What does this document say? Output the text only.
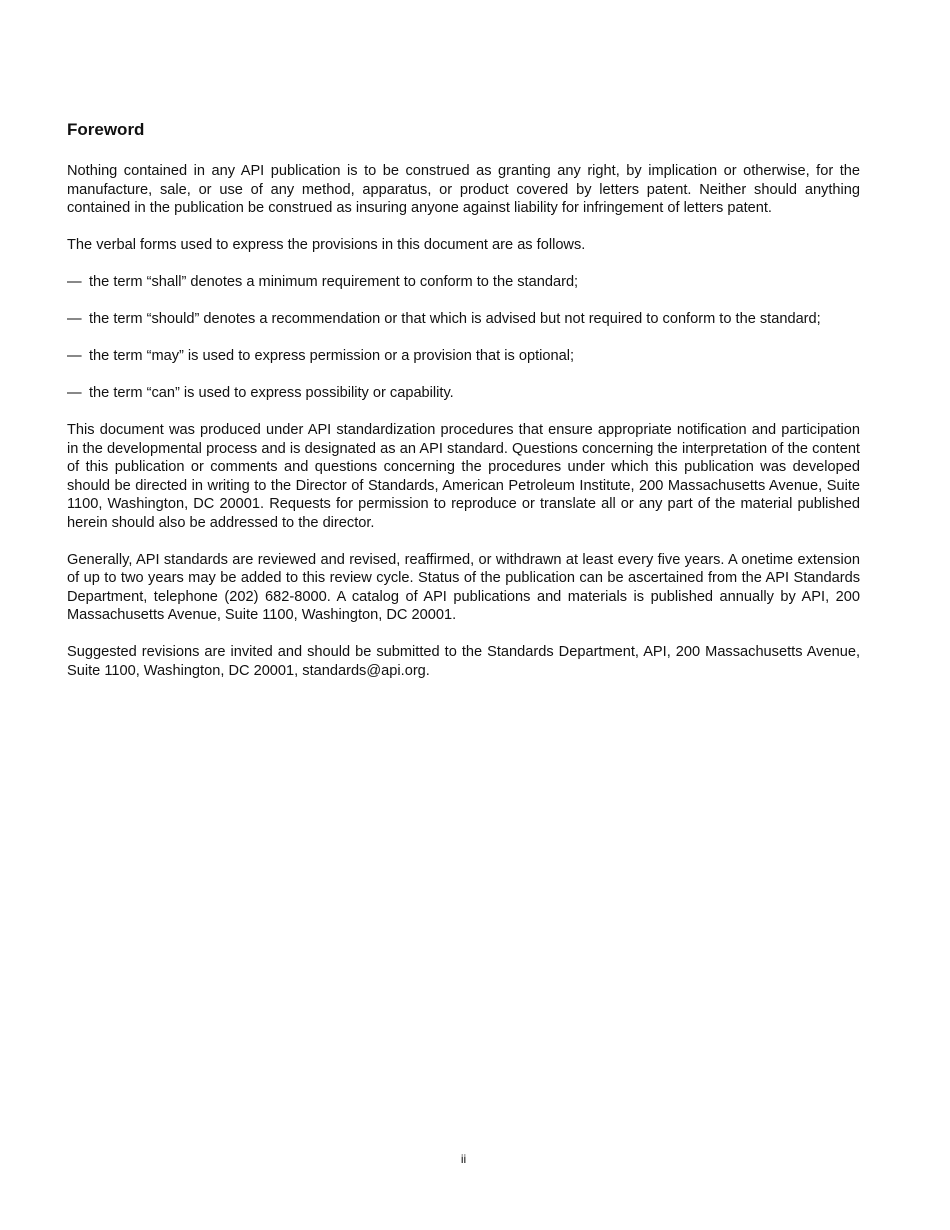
Foreword

Nothing contained in any API publication is to be construed as granting any right, by implication or otherwise, for the manufacture, sale, or use of any method, apparatus, or product covered by letters patent. Neither should anything contained in the publication be construed as insuring anyone against liability for infringement of letters patent.

The verbal forms used to express the provisions in this document are as follows.

— the term “shall” denotes a minimum requirement to conform to the standard;
— the term “should” denotes a recommendation or that which is advised but not required to conform to the standard;
— the term “may” is used to express permission or a provision that is optional;
— the term “can” is used to express possibility or capability.

This document was produced under API standardization procedures that ensure appropriate notification and participation in the developmental process and is designated as an API standard. Questions concerning the interpretation of the content of this publication or comments and questions concerning the procedures under which this publication was developed should be directed in writing to the Director of Standards, American Petroleum Institute, 200 Massachusetts Avenue, Suite 1100, Washington, DC 20001. Requests for permission to reproduce or translate all or any part of the material published herein should also be addressed to the director.

Generally, API standards are reviewed and revised, reaffirmed, or withdrawn at least every five years. A onetime extension of up to two years may be added to this review cycle. Status of the publication can be ascertained from the API Standards Department, telephone (202) 682-8000. A catalog of API publications and materials is published annually by API, 200 Massachusetts Avenue, Suite 1100, Washington, DC 20001.

Suggested revisions are invited and should be submitted to the Standards Department, API, 200 Massachusetts Avenue, Suite 1100, Washington, DC 20001, standards@api.org.

ii
